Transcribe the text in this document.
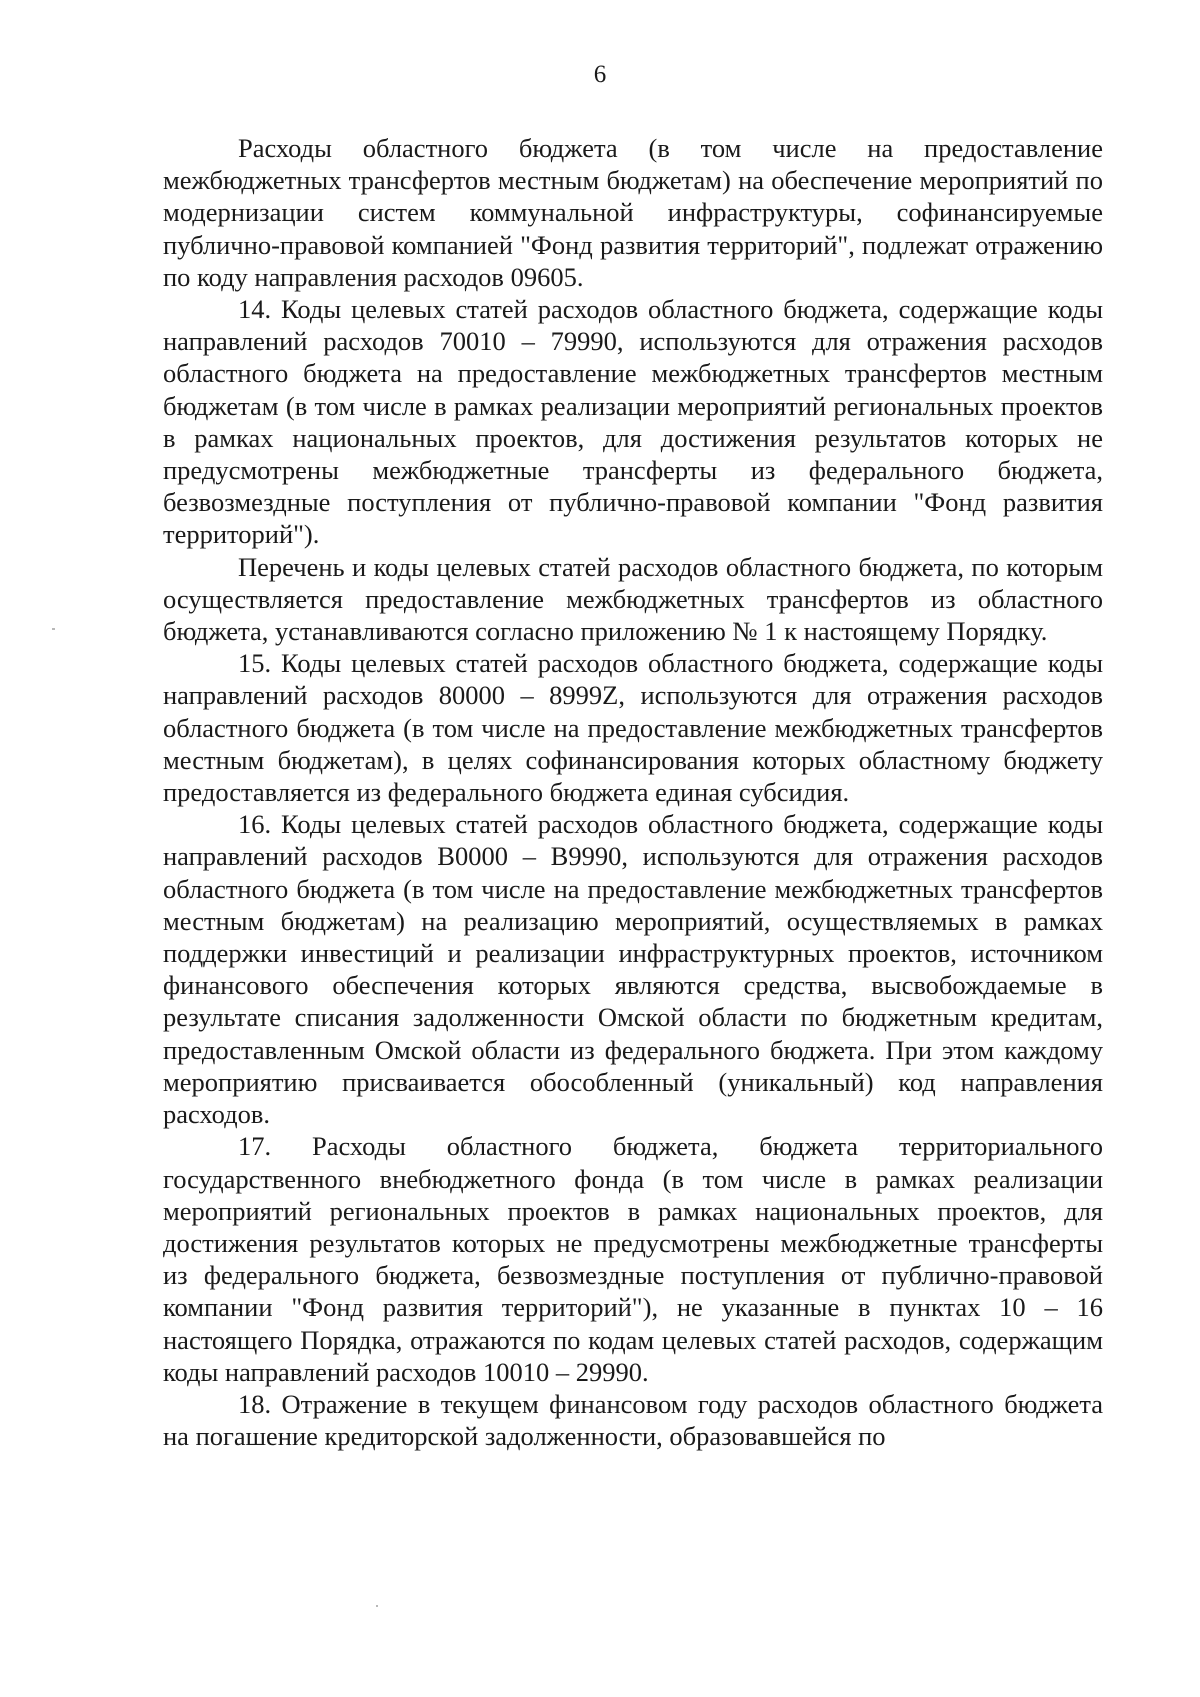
6

Расходы областного бюджета (в том числе на предоставление межбюджетных трансфертов местным бюджетам) на обеспечение мероприятий по модернизации систем коммунальной инфраструктуры, софинансируемые публично-правовой компанией "Фонд развития территорий", подлежат отражению по коду направления расходов 09605.

14. Коды целевых статей расходов областного бюджета, содержащие коды направлений расходов 70010 – 79990, используются для отражения расходов областного бюджета на предоставление межбюджетных трансфертов местным бюджетам (в том числе в рамках реализации мероприятий региональных проектов в рамках национальных проектов, для достижения результатов которых не предусмотрены межбюджетные трансферты из федерального бюджета, безвозмездные поступления от публично-правовой компании "Фонд развития территорий").

Перечень и коды целевых статей расходов областного бюджета, по которым осуществляется предоставление межбюджетных трансфертов из областного бюджета, устанавливаются согласно приложению № 1 к настоящему Порядку.

15. Коды целевых статей расходов областного бюджета, содержащие коды направлений расходов 80000 – 8999Z, используются для отражения расходов областного бюджета (в том числе на предоставление межбюджетных трансфертов местным бюджетам), в целях софинансирования которых областному бюджету предоставляется из федерального бюджета единая субсидия.

16. Коды целевых статей расходов областного бюджета, содержащие коды направлений расходов В0000 – В9990, используются для отражения расходов областного бюджета (в том числе на предоставление межбюджетных трансфертов местным бюджетам) на реализацию мероприятий, осуществляемых в рамках поддержки инвестиций и реализации инфраструктурных проектов, источником финансового обеспечения которых являются средства, высвобождаемые в результате списания задолженности Омской области по бюджетным кредитам, предоставленным Омской области из федерального бюджета. При этом каждому мероприятию присваивается обособленный (уникальный) код направления расходов.

17. Расходы областного бюджета, бюджета территориального государственного внебюджетного фонда (в том числе в рамках реализации мероприятий региональных проектов в рамках национальных проектов, для достижения результатов которых не предусмотрены межбюджетные трансферты из федерального бюджета, безвозмездные поступления от публично-правовой компании "Фонд развития территорий"), не указанные в пунктах 10 – 16 настоящего Порядка, отражаются по кодам целевых статей расходов, содержащим коды направлений расходов 10010 – 29990.

18. Отражение в текущем финансовом году расходов областного бюджета на погашение кредиторской задолженности, образовавшейся по
